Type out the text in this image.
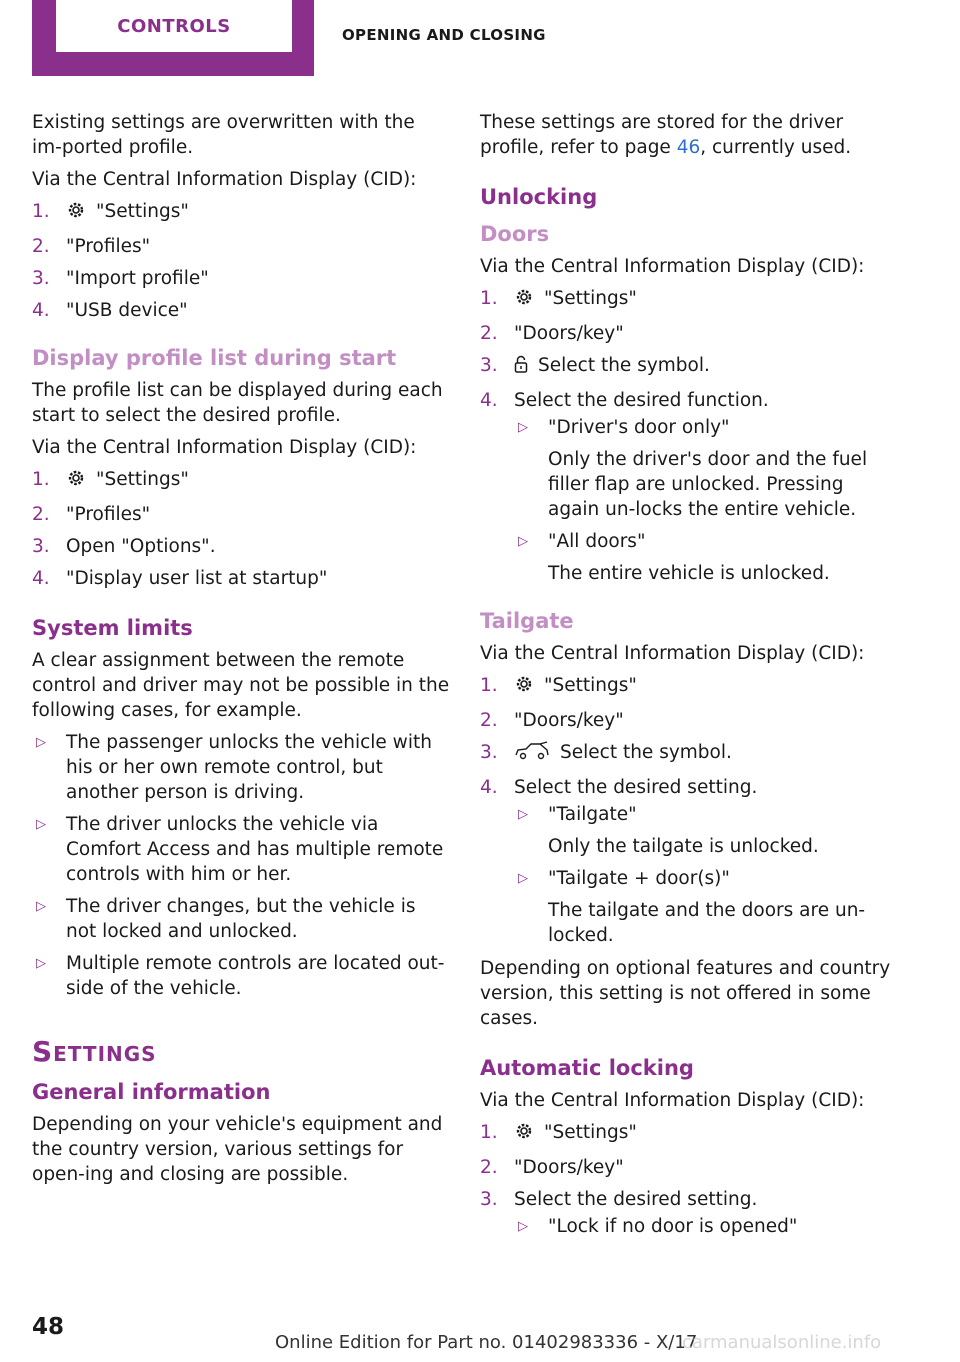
CONTROLS	OPENING AND CLOSING

Existing settings are overwritten with the im‐ported profile.

Via the Central Information Display (CID):

1.	"Settings"
2. "Profiles"
3. "Import profile"
4. "USB device"
Display profile list during start

The profile list can be displayed during each start to select the desired profile.

Via the Central Information Display (CID):

1.	"Settings"
2. "Profiles"
3. Open "Options".
4. "Display user list at startup"
System limits

A clear assignment between the remote control and driver may not be possible in the following cases, for example.

▷ The passenger unlocks the vehicle with his or her own remote control, but another person is driving.
▷ The driver unlocks the vehicle via Comfort Access and has multiple remote controls with him or her.
▷ The driver changes, but the vehicle is not locked and unlocked.
▷ Multiple remote controls are located out‐side of the vehicle.
Settings
General information

Depending on your vehicle's equipment and the country version, various settings for open‐ing and closing are possible.

These settings are stored for the driver profile, refer to page 46, currently used.

Unlocking
Doors

Via the Central Information Display (CID):

1.	"Settings"
2. "Doors/key"
3. Select the symbol.
4. Select the desired function.
▷ "Driver's door only"
Only the driver's door and the fuel filler flap are unlocked. Pressing again un‐locks the entire vehicle.
▷ "All doors"
The entire vehicle is unlocked.
Tailgate

Via the Central Information Display (CID):

1.	"Settings"
2. "Doors/key"
3.	Select the symbol.
4. Select the desired setting.
▷ "Tailgate"
Only the tailgate is unlocked.
▷ "Tailgate + door(s)"
The tailgate and the doors are un‐locked.

Depending on optional features and country version, this setting is not offered in some cases.

Automatic locking

Via the Central Information Display (CID):

1.	"Settings"
2. "Doors/key"
3. Select the desired setting.
▷ "Lock if no door is opened"
48
Online Edition for Part no. 01402983336 - X/17
carmanualsonline.info
